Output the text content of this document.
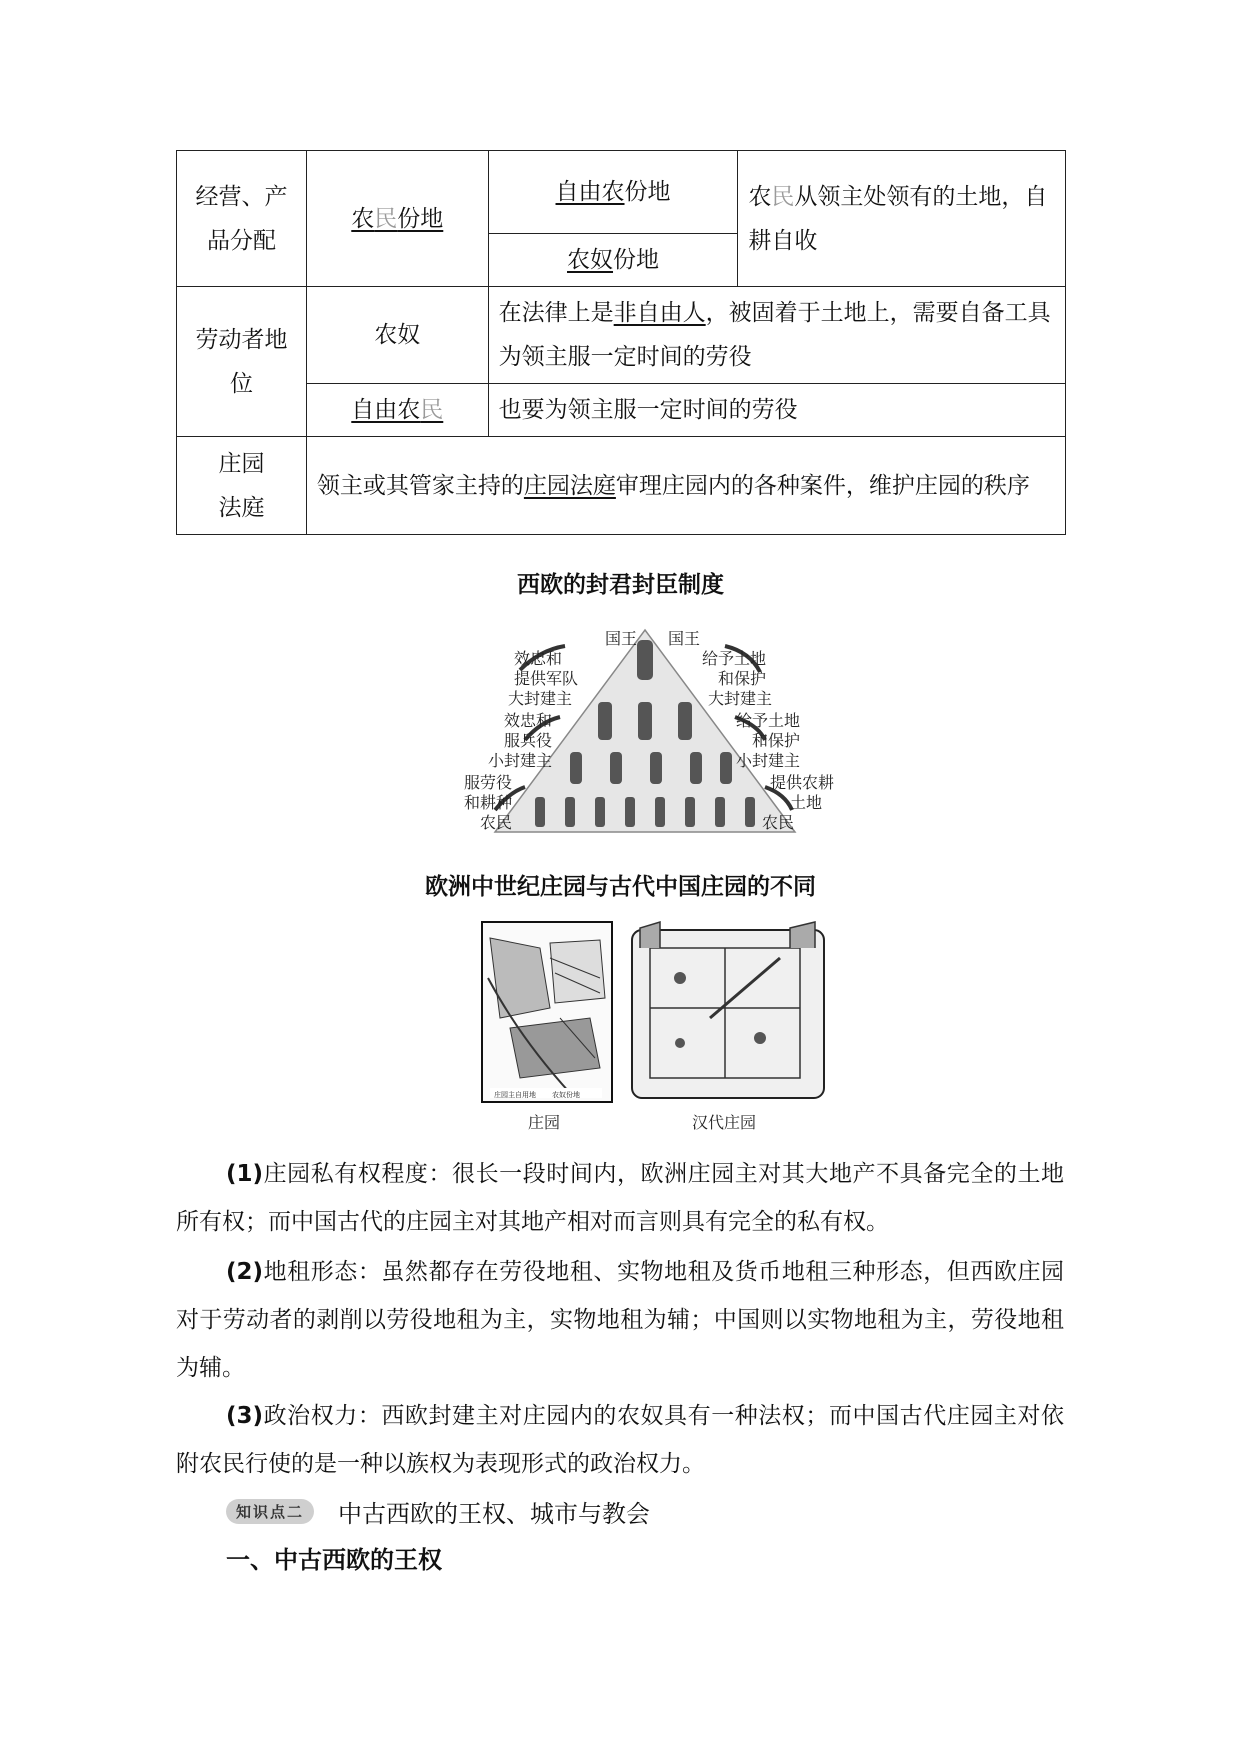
经营、产
品分配	农民份地	自由农份地	农民从领主处领有的土地，自耕自收
		农奴份地	
劳动者地位	农奴	在法律上是非自由人，被固着于土地上，需要自备工具为领主服一定时间的劳役	
	自由农民	也要为领主服一定时间的劳役	

庄园
法庭	领主或其管家主持的庄园法庭审理庄园内的各种案件，维护庄园的秩序		
西欧的封君封臣制度
国王 国王
效忠和
提供军队
大封建主
效忠和
服兵役
小封建主
服劳役
和耕种
农民
给予土地
和保护
大封建主
给予土地
和保护
小封建主
提供农耕
土地
农民
欧洲中世纪庄园与古代中国庄园的不同
庄园主自用地 农奴份地
庄园	汉代庄园

(1)庄园私有权程度：很长一段时间内，欧洲庄园主对其大地产不具备完全的土地所有权；而中国古代的庄园主对其地产相对而言则具有完全的私有权。

(2)地租形态：虽然都存在劳役地租、实物地租及货币地租三种形态，但西欧庄园对于劳动者的剥削以劳役地租为主，实物地租为辅；中国则以实物地租为主，劳役地租为辅。

(3)政治权力：西欧封建主对庄园内的农奴具有一种法权；而中国古代庄园主对依附农民行使的是一种以族权为表现形式的政治权力。

知识点二	中古西欧的王权、城市与教会
一、中古西欧的王权
